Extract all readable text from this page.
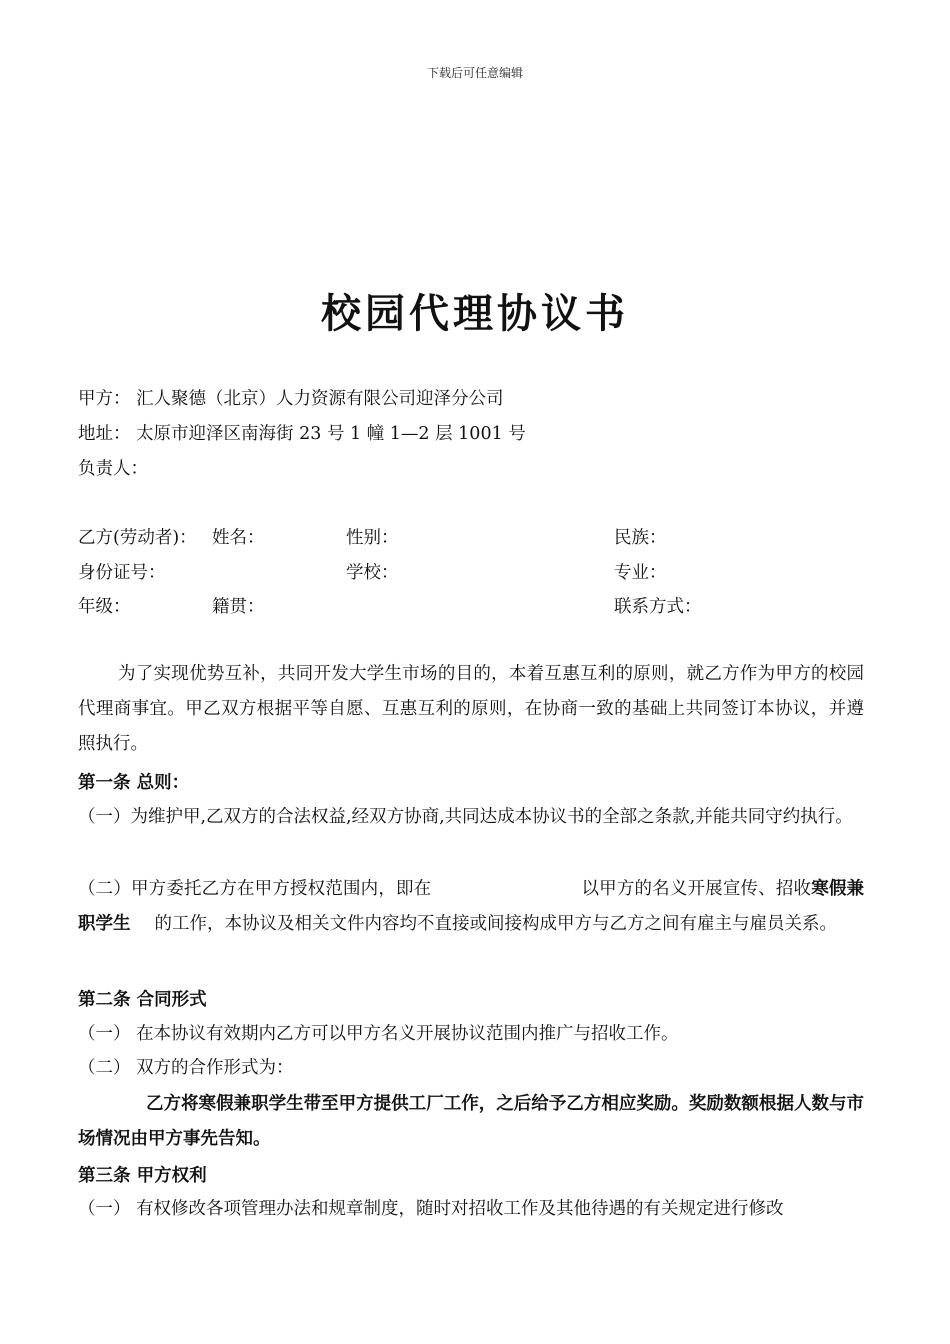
下载后可任意编辑
校园代理协议书
甲方： 汇人聚德（北京）人力资源有限公司迎泽分公司
地址： 太原市迎泽区南海街 23 号 1 幢 1—2 层 1001 号
负责人：
乙方(劳动者)： 姓名：	性别：	民族：
身份证号：	学校：	专业：
年级：	籍贯：	联系方式：
为了实现优势互补，共同开发大学生市场的目的，本着互惠互利的原则，就乙方作为甲方的校园代理商事宜。甲乙双方根据平等自愿、互惠互利的原则，在协商一致的基础上共同签订本协议，并遵照执行。
第一条 总则：
（一）为维护甲,乙双方的合法权益,经双方协商,共同达成本协议书的全部之条款,并能共同守约执行。
（二）甲方委托乙方在甲方授权范围内，即在	以甲方的名义开展宣传、招收寒假兼职学生 的工作，本协议及相关文件内容均不直接或间接构成甲方与乙方之间有雇主与雇员关系。
第二条 合同形式
（一） 在本协议有效期内乙方可以甲方名义开展协议范围内推广与招收工作。
（二） 双方的合作形式为：
乙方将寒假兼职学生带至甲方提供工厂工作，之后给予乙方相应奖励。奖励数额根据人数与市场情况由甲方事先告知。
第三条 甲方权利
（一） 有权修改各项管理办法和规章制度，随时对招收工作及其他待遇的有关规定进行修改
